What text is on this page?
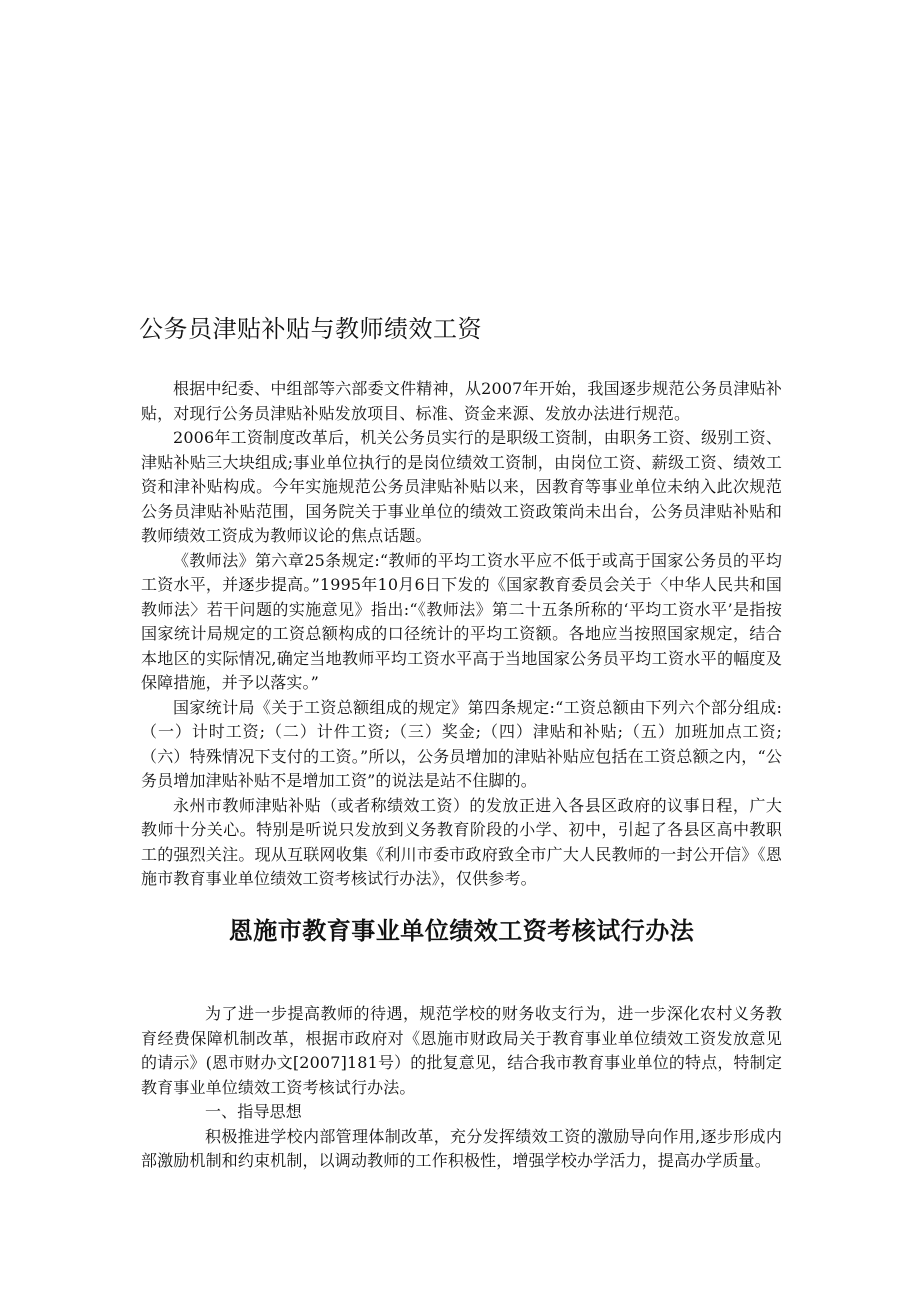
公务员津贴补贴与教师绩效工资

根据中纪委、中组部等六部委文件精神，从2007年开始，我国逐步规范公务员津贴补贴，对现行公务员津贴补贴发放项目、标准、资金来源、发放办法进行规范。

2006年工资制度改革后，机关公务员实行的是职级工资制，由职务工资、级别工资、津贴补贴三大块组成;事业单位执行的是岗位绩效工资制，由岗位工资、薪级工资、绩效工资和津补贴构成。今年实施规范公务员津贴补贴以来，因教育等事业单位未纳入此次规范公务员津贴补贴范围，国务院关于事业单位的绩效工资政策尚未出台，公务员津贴补贴和教师绩效工资成为教师议论的焦点话题。

《教师法》第六章25条规定:“教师的平均工资水平应不低于或高于国家公务员的平均工资水平，并逐步提高。”1995年10月6日下发的《国家教育委员会关于〈中华人民共和国教师法〉若干问题的实施意见》指出:“《教师法》第二十五条所称的‘平均工资水平’是指按国家统计局规定的工资总额构成的口径统计的平均工资额。各地应当按照国家规定，结合本地区的实际情况,确定当地教师平均工资水平高于当地国家公务员平均工资水平的幅度及保障措施，并予以落实。”

国家统计局《关于工资总额组成的规定》第四条规定:“工资总额由下列六个部分组成:（一）计时工资;（二）计件工资;（三）奖金;（四）津贴和补贴;（五）加班加点工资;（六）特殊情况下支付的工资。”所以，公务员增加的津贴补贴应包括在工资总额之内，“公务员增加津贴补贴不是增加工资”的说法是站不住脚的。

永州市教师津贴补贴（或者称绩效工资）的发放正进入各县区政府的议事日程，广大教师十分关心。特别是听说只发放到义务教育阶段的小学、初中，引起了各县区高中教职工的强烈关注。现从互联网收集《利川市委市政府致全市广大人民教师的一封公开信》《恩施市教育事业单位绩效工资考核试行办法》，仅供参考。

恩施市教育事业单位绩效工资考核试行办法

为了进一步提高教师的待遇，规范学校的财务收支行为，进一步深化农村义务教育经费保障机制改革，根据市政府对《恩施市财政局关于教育事业单位绩效工资发放意见的请示》(恩市财办文[2007]181号）的批复意见，结合我市教育事业单位的特点，特制定教育事业单位绩效工资考核试行办法。

一、指导思想

积极推进学校内部管理体制改革，充分发挥绩效工资的激励导向作用,逐步形成内部激励机制和约束机制，以调动教师的工作积极性，增强学校办学活力，提高办学质量。
